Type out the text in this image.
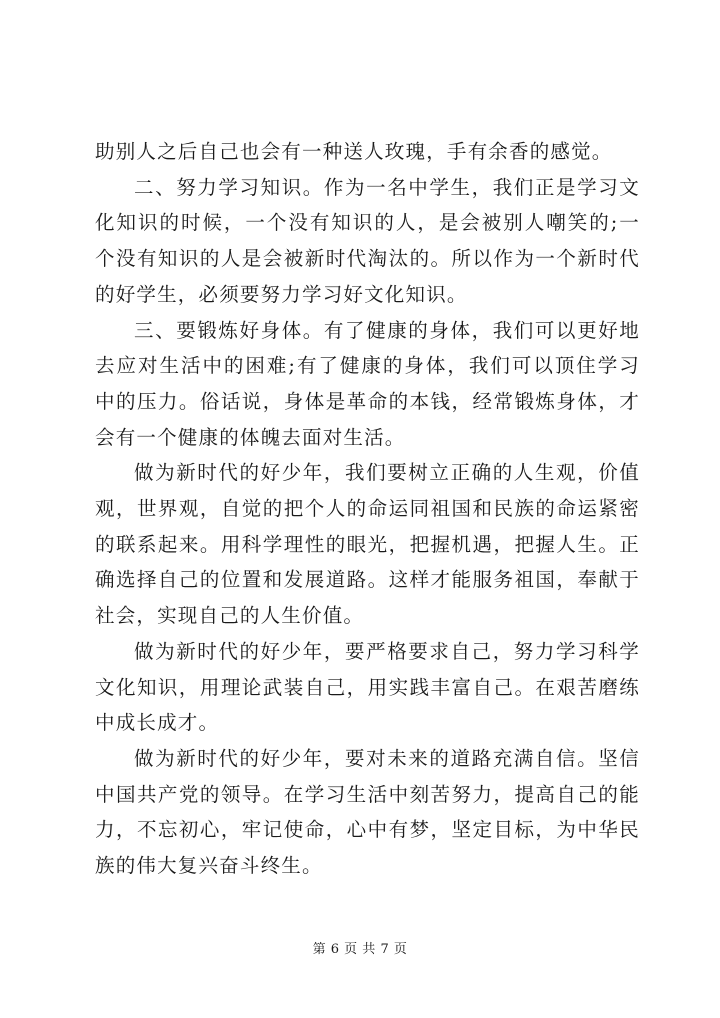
助别人之后自己也会有一种送人玫瑰，手有余香的感觉。

二、努力学习知识。作为一名中学生，我们正是学习文化知识的时候，一个没有知识的人，是会被别人嘲笑的;一个没有知识的人是会被新时代淘汰的。所以作为一个新时代的好学生，必须要努力学习好文化知识。

三、要锻炼好身体。有了健康的身体，我们可以更好地去应对生活中的困难;有了健康的身体，我们可以顶住学习中的压力。俗话说，身体是革命的本钱，经常锻炼身体，才会有一个健康的体魄去面对生活。

做为新时代的好少年，我们要树立正确的人生观，价值观，世界观，自觉的把个人的命运同祖国和民族的命运紧密的联系起来。用科学理性的眼光，把握机遇，把握人生。正确选择自己的位置和发展道路。这样才能服务祖国，奉献于社会，实现自己的人生价值。

做为新时代的好少年，要严格要求自己，努力学习科学文化知识，用理论武装自己，用实践丰富自己。在艰苦磨练中成长成才。

做为新时代的好少年，要对未来的道路充满自信。坚信中国共产党的领导。在学习生活中刻苦努力，提高自己的能力，不忘初心，牢记使命，心中有梦，坚定目标，为中华民族的伟大复兴奋斗终生。

第 6 页 共 7 页
